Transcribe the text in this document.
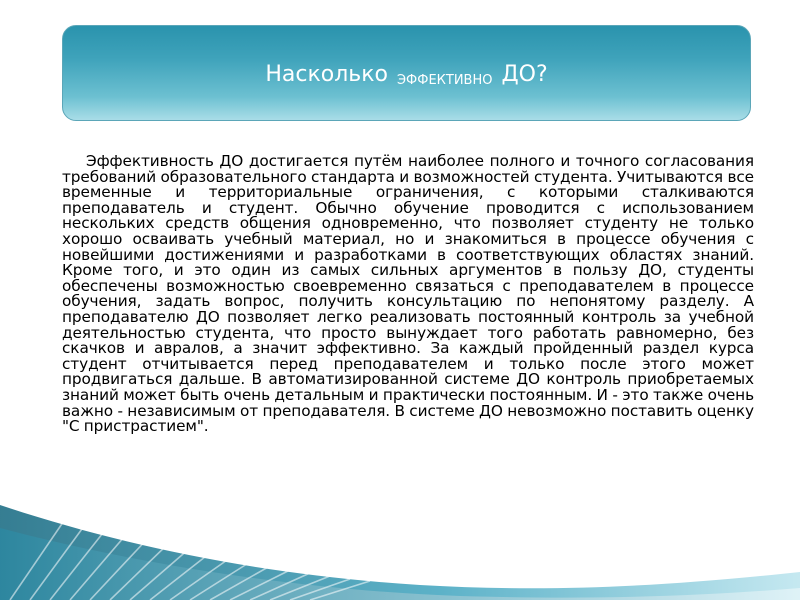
Насколько ЭФФЕКТИВНО ДО?

Эффективность ДО достигается путём наиболее полного и точного согласования требований образовательного стандарта и возможностей студента. Учитываются все временные и территориальные ограничения, с которыми сталкиваются преподаватель и студент. Обычно обучение проводится с использованием нескольких средств общения одновременно, что позволяет студенту не только хорошо осваивать учебный материал, но и знакомиться в процессе обучения с новейшими достижениями и разработками в соответствующих областях знаний. Кроме того, и это один из самых сильных аргументов в пользу ДО, студенты обеспечены возможностью своевременно связаться с преподавателем в процессе обучения, задать вопрос, получить консультацию по непонятому разделу. А преподавателю ДО позволяет легко реализовать постоянный контроль за учебной деятельностью студента, что просто вынуждает того работать равномерно, без скачков и авралов, а значит эффективно. За каждый пройденный раздел курса студент отчитывается перед преподавателем и только после этого может продвигаться дальше. В автоматизированной системе ДО контроль приобретаемых знаний может быть очень детальным и практически постоянным. И - это также очень важно - независимым от преподавателя. В системе ДО невозможно поставить оценку "С пристрастием".
